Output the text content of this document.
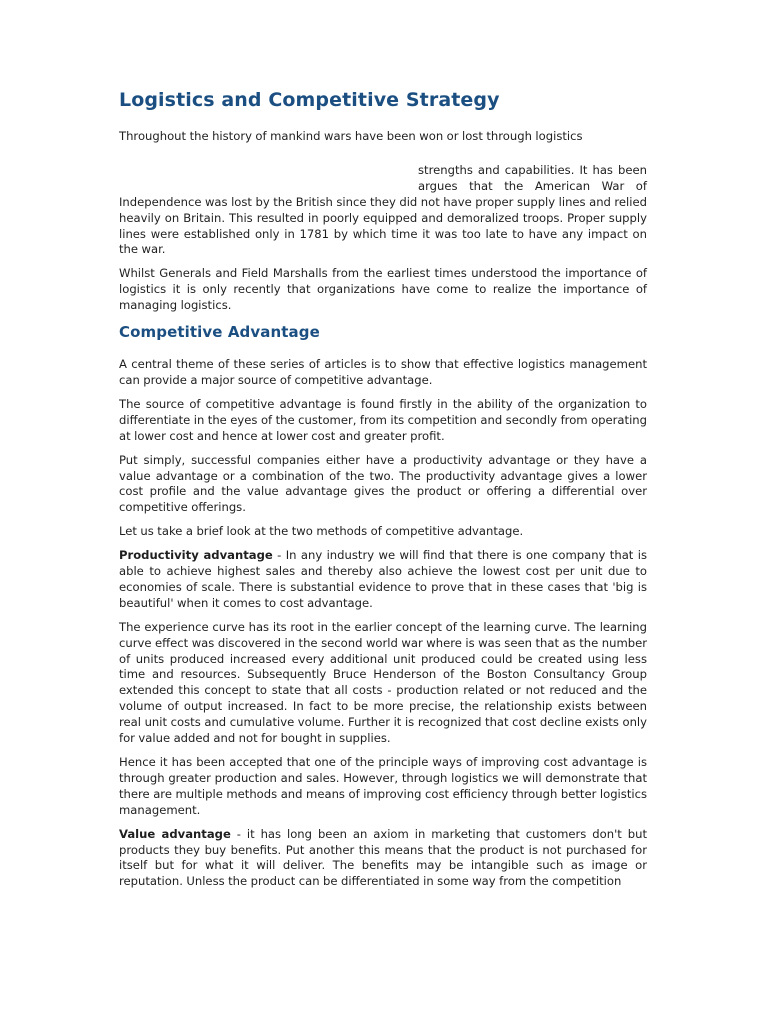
Logistics and Competitive Strategy

Throughout the history of mankind wars have been won or lost through logistics

strengths and capabilities. It has been argues that the American War of Independence was lost by the British since they did not have proper supply lines and relied heavily on Britain. This resulted in poorly equipped and demoralized troops. Proper supply lines were established only in 1781 by which time it was too late to have any impact on the war.

Whilst Generals and Field Marshalls from the earliest times understood the importance of logistics it is only recently that organizations have come to realize the importance of managing logistics.

Competitive Advantage

A central theme of these series of articles is to show that effective logistics management can provide a major source of competitive advantage.

The source of competitive advantage is found firstly in the ability of the organization to differentiate in the eyes of the customer, from its competition and secondly from operating at lower cost and hence at lower cost and greater profit.

Put simply, successful companies either have a productivity advantage or they have a value advantage or a combination of the two. The productivity advantage gives a lower cost profile and the value advantage gives the product or offering a differential over competitive offerings.

Let us take a brief look at the two methods of competitive advantage.

Productivity advantage - In any industry we will find that there is one company that is able to achieve highest sales and thereby also achieve the lowest cost per unit due to economies of scale. There is substantial evidence to prove that in these cases that 'big is beautiful' when it comes to cost advantage.

The experience curve has its root in the earlier concept of the learning curve. The learning curve effect was discovered in the second world war where is was seen that as the number of units produced increased every additional unit produced could be created using less time and resources. Subsequently Bruce Henderson of the Boston Consultancy Group extended this concept to state that all costs - production related or not reduced and the volume of output increased. In fact to be more precise, the relationship exists between real unit costs and cumulative volume. Further it is recognized that cost decline exists only for value added and not for bought in supplies.

Hence it has been accepted that one of the principle ways of improving cost advantage is through greater production and sales. However, through logistics we will demonstrate that there are multiple methods and means of improving cost efficiency through better logistics management.

Value advantage - it has long been an axiom in marketing that customers don't but products they buy benefits. Put another this means that the product is not purchased for itself but for what it will deliver. The benefits may be intangible such as image or reputation. Unless the product can be differentiated in some way from the competition
